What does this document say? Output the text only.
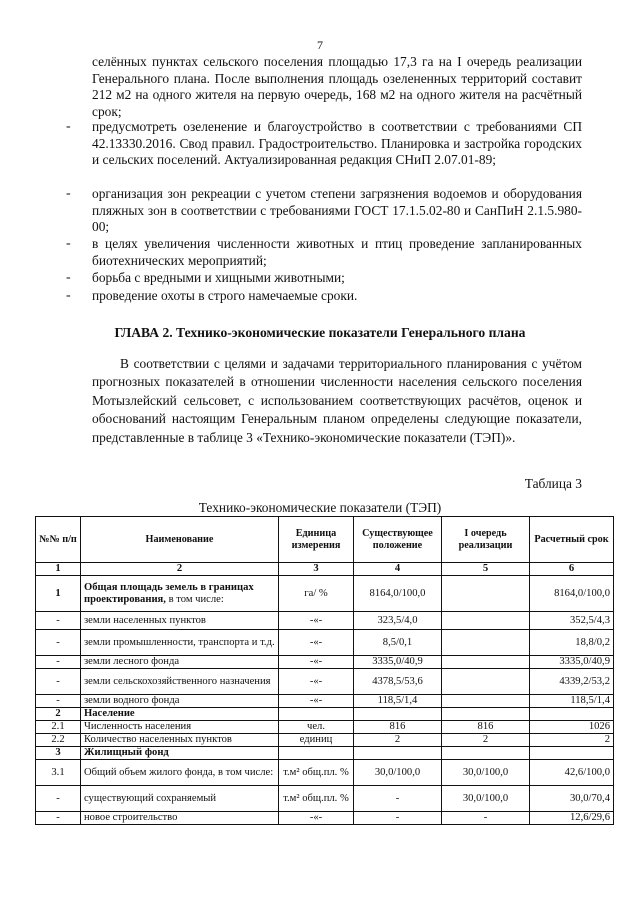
7
селённых пунктах сельского поселения площадью 17,3 га на I очередь реализации Генерального плана. После выполнения площадь озелененных территорий составит 212 м2 на одного жителя на первую очередь, 168 м2 на одного жителя на расчётный срок;
- предусмотреть озеленение и благоустройство в соответствии с требованиями СП 42.13330.2016. Свод правил. Градостроительство. Планировка и застройка городских и сельских поселений. Актуализированная редакция СНиП 2.07.01-89;
- организация зон рекреации с учетом степени загрязнения водоемов и оборудования пляжных зон в соответствии с требованиями ГОСТ 17.1.5.02-80 и СанПиН 2.1.5.980-00;
- в целях увеличения численности животных и птиц проведение запланированных биотехнических мероприятий;
- борьба с вредными и хищными животными;
- проведение охоты в строго намечаемые сроки.
ГЛАВА 2. Технико-экономические показатели Генерального плана
В соответствии с целями и задачами территориального планирования с учётом прогнозных показателей в отношении численности населения сельского поселения Мотызлейский сельсовет, с использованием соответствующих расчётов, оценок и обоснований настоящим Генеральным планом определены следующие показатели, представленные в таблице 3 «Технико-экономические показатели (ТЭП)».
Таблица 3
Технико-экономические показатели (ТЭП)
№№ п/п	Наименование	Единица измерения	Существующее положение	I очередь реализации	Расчетный срок
1	2	3	4	5	6
1	Общая площадь земель в границах проектирования, в том числе:	га/ %	8164,0/100,0		8164,0/100,0
-	земли населенных пунктов	-«-	323,5/4,0		352,5/4,3
-	земли промышленности, транспорта и т.д.	-«-	8,5/0,1		18,8/0,2
-	земли лесного фонда	-«-	3335,0/40,9		3335,0/40,9
-	земли сельскохозяйственного назначения	-«-	4378,5/53,6		4339,2/53,2
-	земли водного фонда	-«-	118,5/1,4		118,5/1,4
2	Население				
2.1	Численность населения	чел.	816	816	1026
2.2	Количество населенных пунктов	единиц	2	2	2
3	Жилищный фонд				
3.1	Общий объем жилого фонда, в том числе:	т.м² общ.пл. %	30,0/100,0	30,0/100,0	42,6/100,0
-	существующий сохраняемый	т.м² общ.пл. %	-	30,0/100,0	30,0/70,4
-	новое строительство	-«-	-	-	12,6/29,6
